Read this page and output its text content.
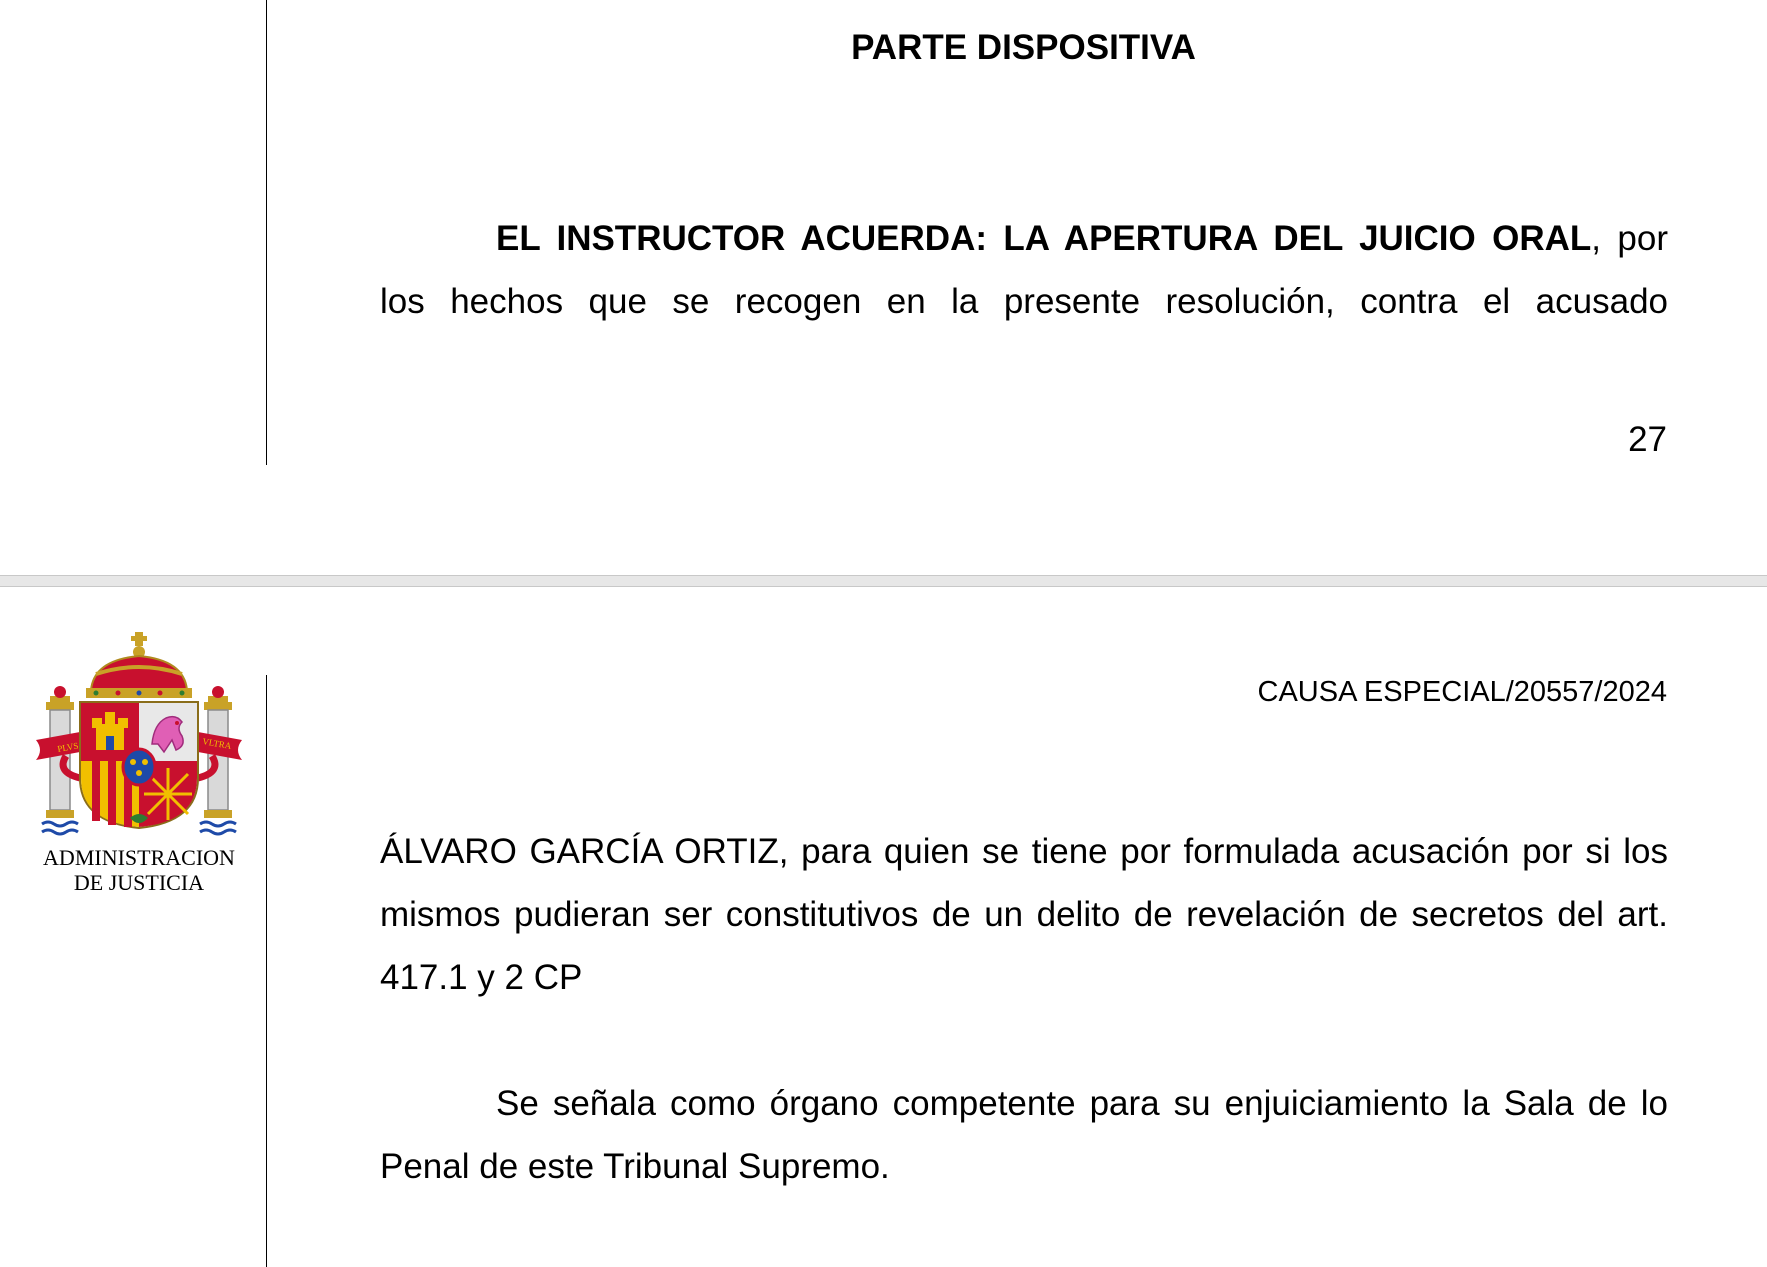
PARTE DISPOSITIVA

EL INSTRUCTOR ACUERDA: LA APERTURA DEL JUICIO ORAL, por los hechos que se recogen en la presente resolución, contra el acusado

27

PLVS	VLTRA
ADMINISTRACION
DE JUSTICIA

CAUSA ESPECIAL/20557/2024

ÁLVARO GARCÍA ORTIZ, para quien se tiene por formulada acusación por si los mismos pudieran ser constitutivos de un delito de revelación de secretos del art. 417.1 y 2 CP

Se señala como órgano competente para su enjuiciamiento la Sala de lo Penal de este Tribunal Supremo.
